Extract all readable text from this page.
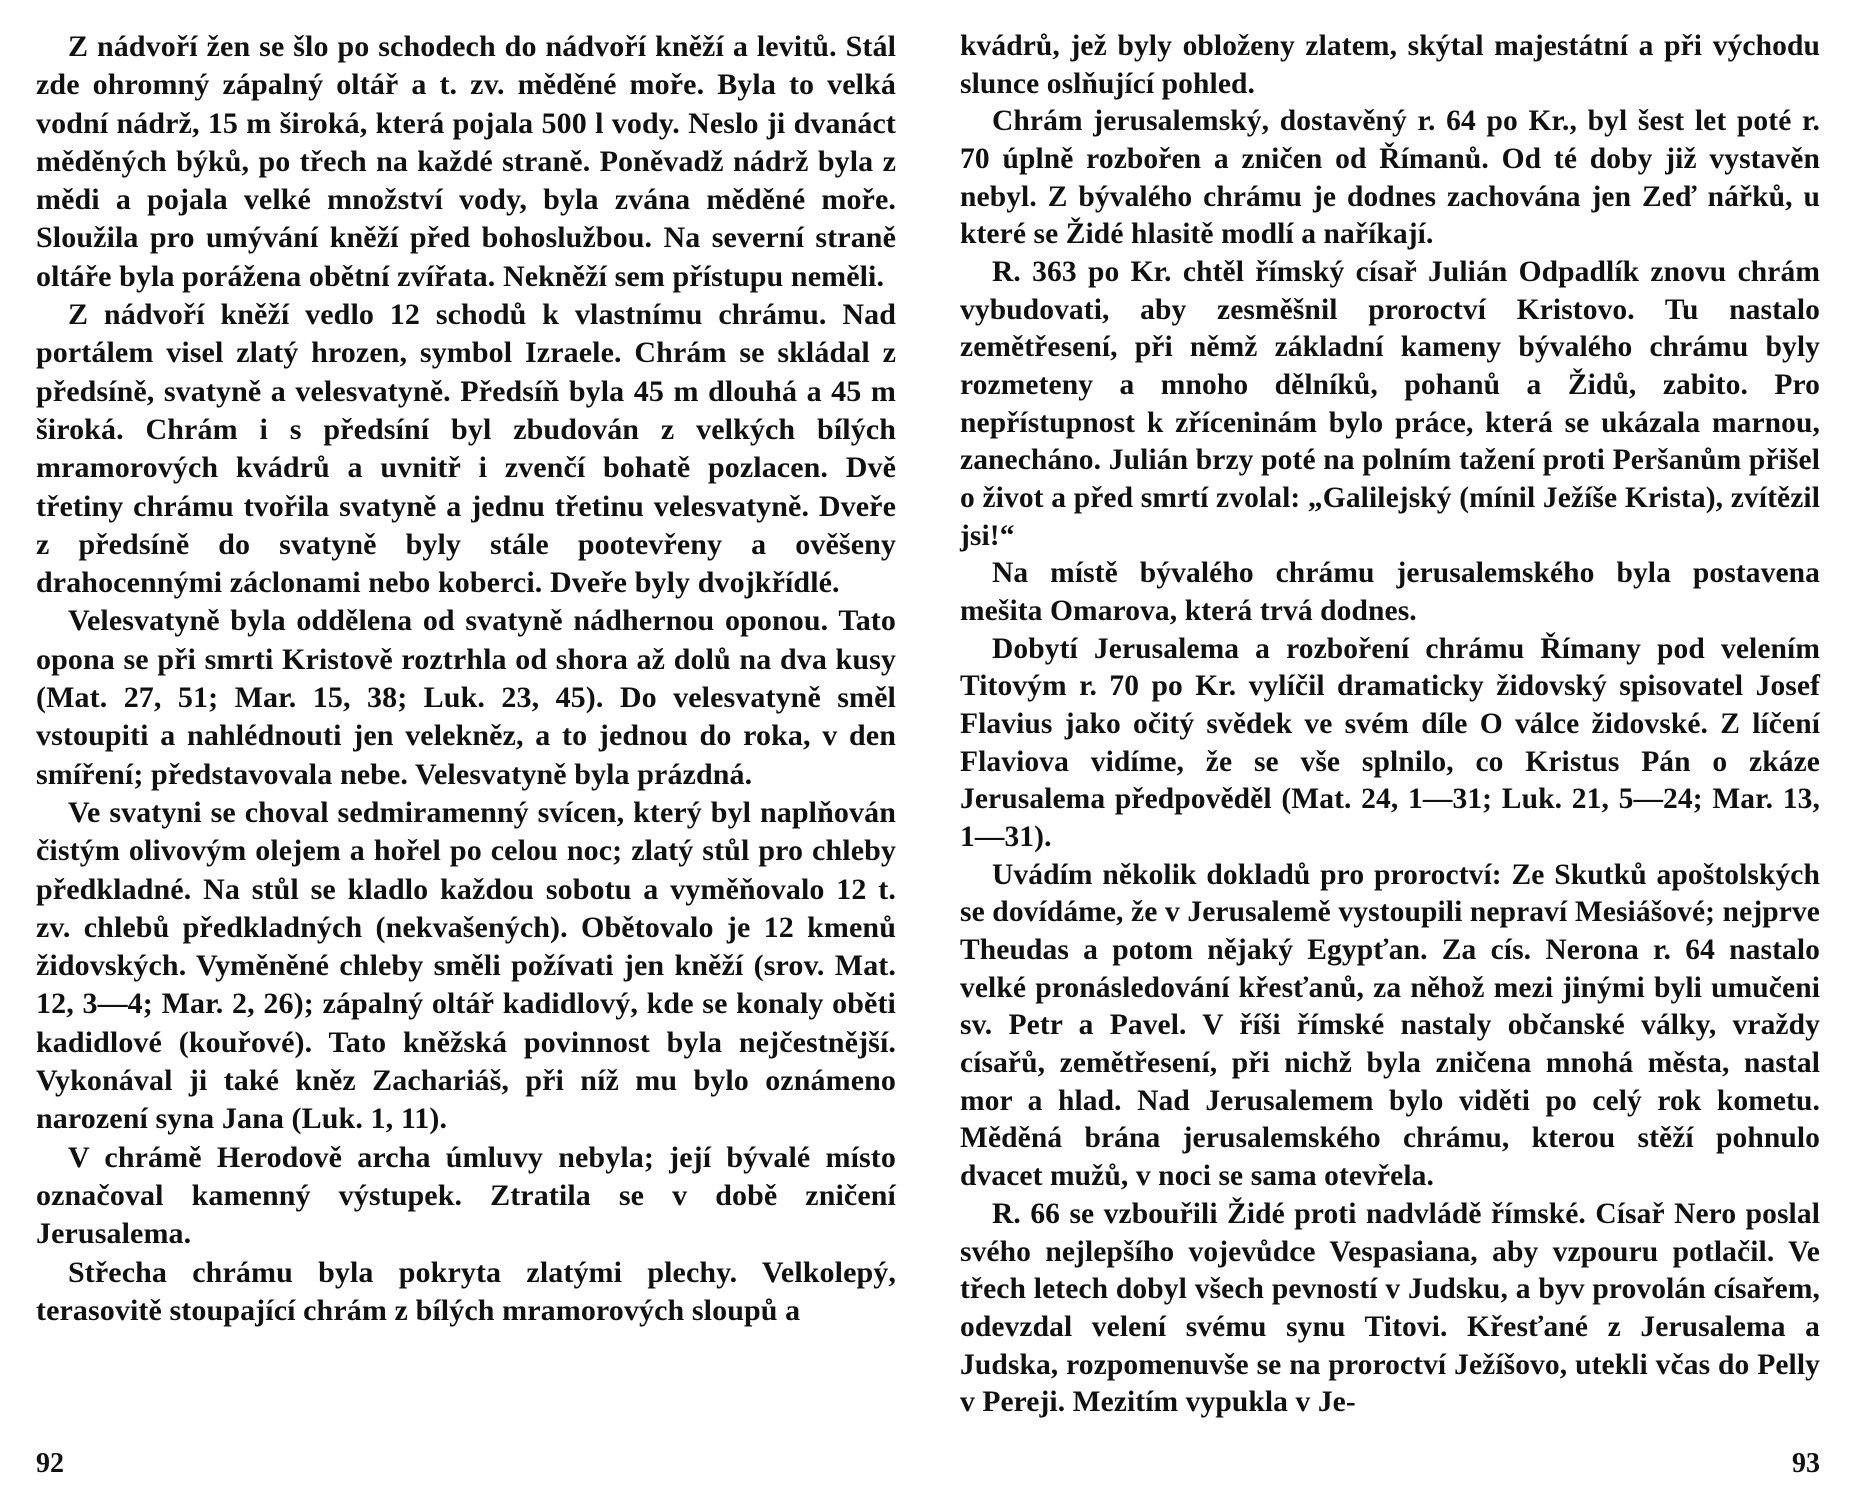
Z nádvoří žen se šlo po schodech do nádvoří kněží a levitů. Stál zde ohromný zápalný oltář a t. zv. měděné moře. Byla to velká vodní nádrž, 15 m široká, která pojala 500 l vody. Neslo ji dvanáct měděných býků, po třech na každé straně. Poněvadž nádrž byla z mědi a pojala velké množství vody, byla zvána měděné moře. Sloužila pro umývání kněží před bohoslužbou. Na severní straně oltáře byla porážena obětní zvířata. Nekněží sem přístupu neměli.

Z nádvoří kněží vedlo 12 schodů k vlastnímu chrámu. Nad portálem visel zlatý hrozen, symbol Izraele. Chrám se skládal z předsíně, svatyně a velesvatyně. Předsíň byla 45 m dlouhá a 45 m široká. Chrám i s předsíní byl zbudován z velkých bílých mramorových kvádrů a uvnitř i zvenčí bohatě pozlacen. Dvě třetiny chrámu tvořila svatyně a jednu třetinu velesvatyně. Dveře z předsíně do svatyně byly stále pootevřeny a ověšeny drahocennými záclonami nebo koberci. Dveře byly dvojkřídlé.

Velesvatyně byla oddělena od svatyně nádhernou oponou. Tato opona se při smrti Kristově roztrhla od shora až dolů na dva kusy (Mat. 27, 51; Mar. 15, 38; Luk. 23, 45). Do velesvatyně směl vstoupiti a nahlédnouti jen velekněz, a to jednou do roka, v den smíření; představovala nebe. Velesvatyně byla prázdná.

Ve svatyni se choval sedmiramenný svícen, který byl naplňován čistým olivovým olejem a hořel po celou noc; zlatý stůl pro chleby předkladné. Na stůl se kladlo každou sobotu a vyměňovalo 12 t. zv. chlebů předkladných (nekvašených). Obětovalo je 12 kmenů židovských. Vyměněné chleby směli požívati jen kněží (srov. Mat. 12, 3—4; Mar. 2, 26); zápalný oltář kadidlový, kde se konaly oběti kadidlové (kouřové). Tato kněžská povinnost byla nejčestnější. Vykonával ji také kněz Zachariáš, při níž mu bylo oznámeno narození syna Jana (Luk. 1, 11).

V chrámě Herodově archa úmluvy nebyla; její bývalé místo označoval kamenný výstupek. Ztratila se v době zničení Jerusalema.

Střecha chrámu byla pokryta zlatými plechy. Velkolepý, terasovitě stoupající chrám z bílých mramorových sloupů a

92

kvádrů, jež byly obloženy zlatem, skýtal majestátní a při východu slunce oslňující pohled.

Chrám jerusalemský, dostavěný r. 64 po Kr., byl šest let poté r. 70 úplně rozbořen a zničen od Římanů. Od té doby již vystavěn nebyl. Z bývalého chrámu je dodnes zachována jen Zeď nářků, u které se Židé hlasitě modlí a naříkají.

R. 363 po Kr. chtěl římský císař Julián Odpadlík znovu chrám vybudovati, aby zesměšnil proroctví Kristovo. Tu nastalo zemětřesení, při němž základní kameny bývalého chrámu byly rozmeteny a mnoho dělníků, pohanů a Židů, zabito. Pro nepřístupnost k zříceninám bylo práce, která se ukázala marnou, zanecháno. Julián brzy poté na polním tažení proti Peršanům přišel o život a před smrtí zvolal: „Galilejský (mínil Ježíše Krista), zvítězil jsi!“

Na místě bývalého chrámu jerusalemského byla postavena mešita Omarova, která trvá dodnes.

Dobytí Jerusalema a rozboření chrámu Římany pod velením Titovým r. 70 po Kr. vylíčil dramaticky židovský spisovatel Josef Flavius jako očitý svědek ve svém díle O válce židovské. Z líčení Flaviova vidíme, že se vše splnilo, co Kristus Pán o zkáze Jerusalema předpověděl (Mat. 24, 1—31; Luk. 21, 5—24; Mar. 13, 1—31).

Uvádím několik dokladů pro proroctví: Ze Skutků apoštolských se dovídáme, že v Jerusalemě vystoupili nepraví Mesiášové; nejprve Theudas a potom nějaký Egypťan. Za cís. Nerona r. 64 nastalo velké pronásledování křesťanů, za něhož mezi jinými byli umučeni sv. Petr a Pavel. V říši římské nastaly občanské války, vraždy císařů, zemětřesení, při nichž byla zničena mnohá města, nastal mor a hlad. Nad Jerusalemem bylo viděti po celý rok kometu. Měděná brána jerusalemského chrámu, kterou stěží pohnulo dvacet mužů, v noci se sama otevřela.

R. 66 se vzbouřili Židé proti nadvládě římské. Císař Nero poslal svého nejlepšího vojevůdce Vespasiana, aby vzpouru potlačil. Ve třech letech dobyl všech pevností v Judsku, a byv provolán císařem, odevzdal velení svému synu Titovi. Křesťané z Jerusalema a Judska, rozpomenuvše se na proroctví Ježíšovo, utekli včas do Pelly v Pereji. Mezitím vypukla v Je-

93
